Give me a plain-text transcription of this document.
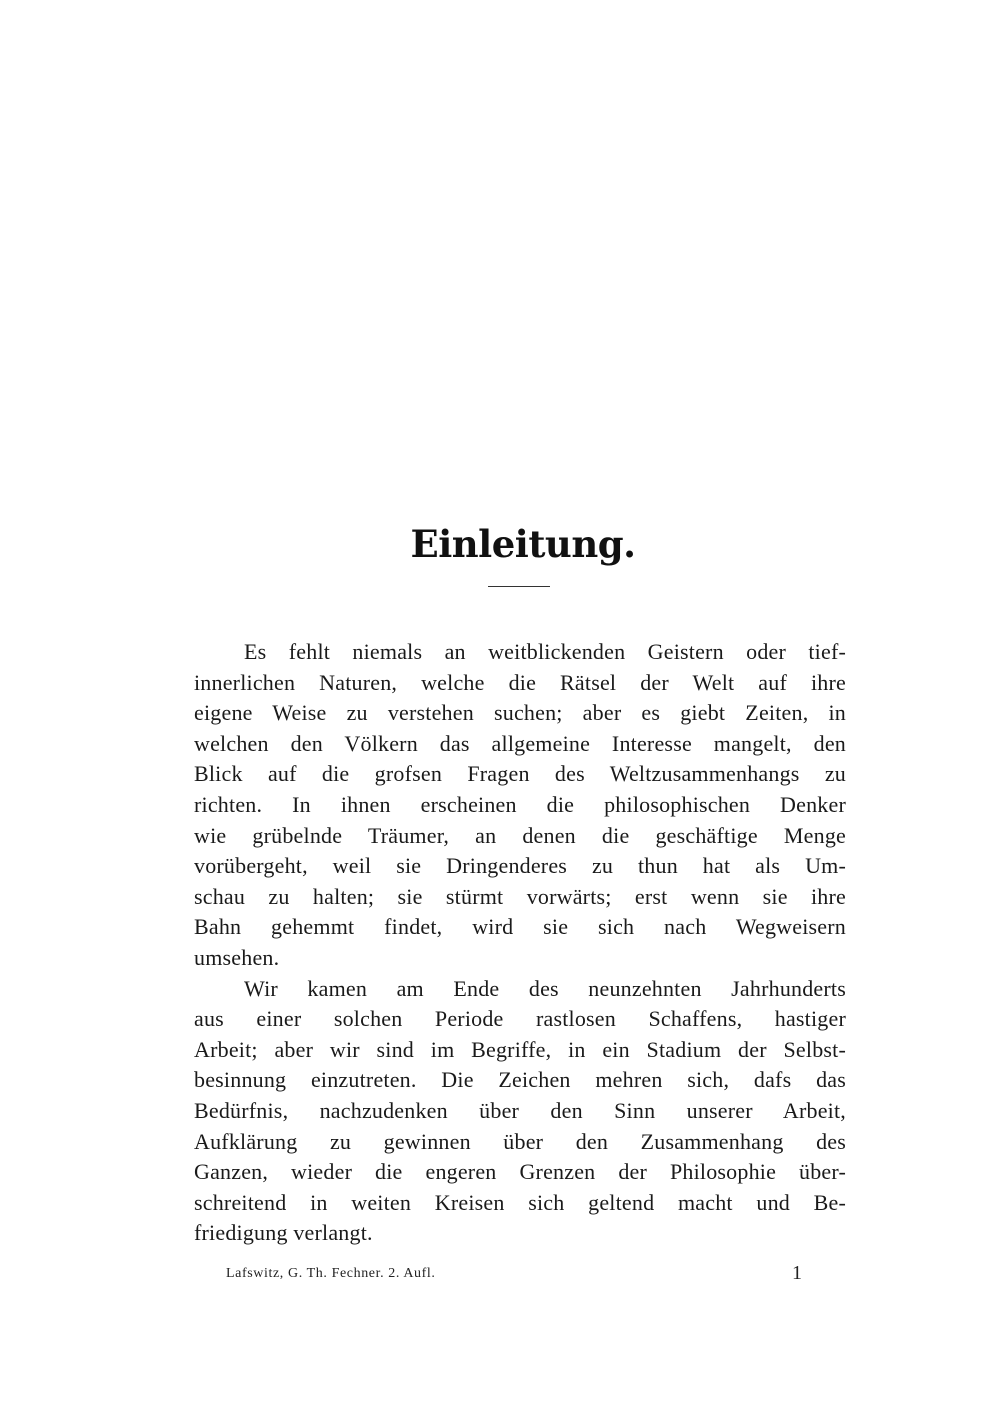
Einleitung.
Es fehlt niemals an weitblickenden Geistern oder tief-
innerlichen Naturen, welche die Rätsel der Welt auf ihre
eigene Weise zu verstehen suchen; aber es giebt Zeiten, in
welchen den Völkern das allgemeine Interesse mangelt, den
Blick auf die grofsen Fragen des Weltzusammenhangs zu
richten. In ihnen erscheinen die philosophischen Denker
wie grübelnde Träumer, an denen die geschäftige Menge
vorübergeht, weil sie Dringenderes zu thun hat als Um-
schau zu halten; sie stürmt vorwärts; erst wenn sie ihre
Bahn gehemmt findet, wird sie sich nach Wegweisern
umsehen.
Wir kamen am Ende des neunzehnten Jahrhunderts
aus einer solchen Periode rastlosen Schaffens, hastiger
Arbeit; aber wir sind im Begriffe, in ein Stadium der Selbst-
besinnung einzutreten. Die Zeichen mehren sich, dafs das
Bedürfnis, nachzudenken über den Sinn unserer Arbeit,
Aufklärung zu gewinnen über den Zusammenhang des
Ganzen, wieder die engeren Grenzen der Philosophie über-
schreitend in weiten Kreisen sich geltend macht und Be-
friedigung verlangt.
Lafswitz, G. Th. Fechner. 2. Aufl.	1
